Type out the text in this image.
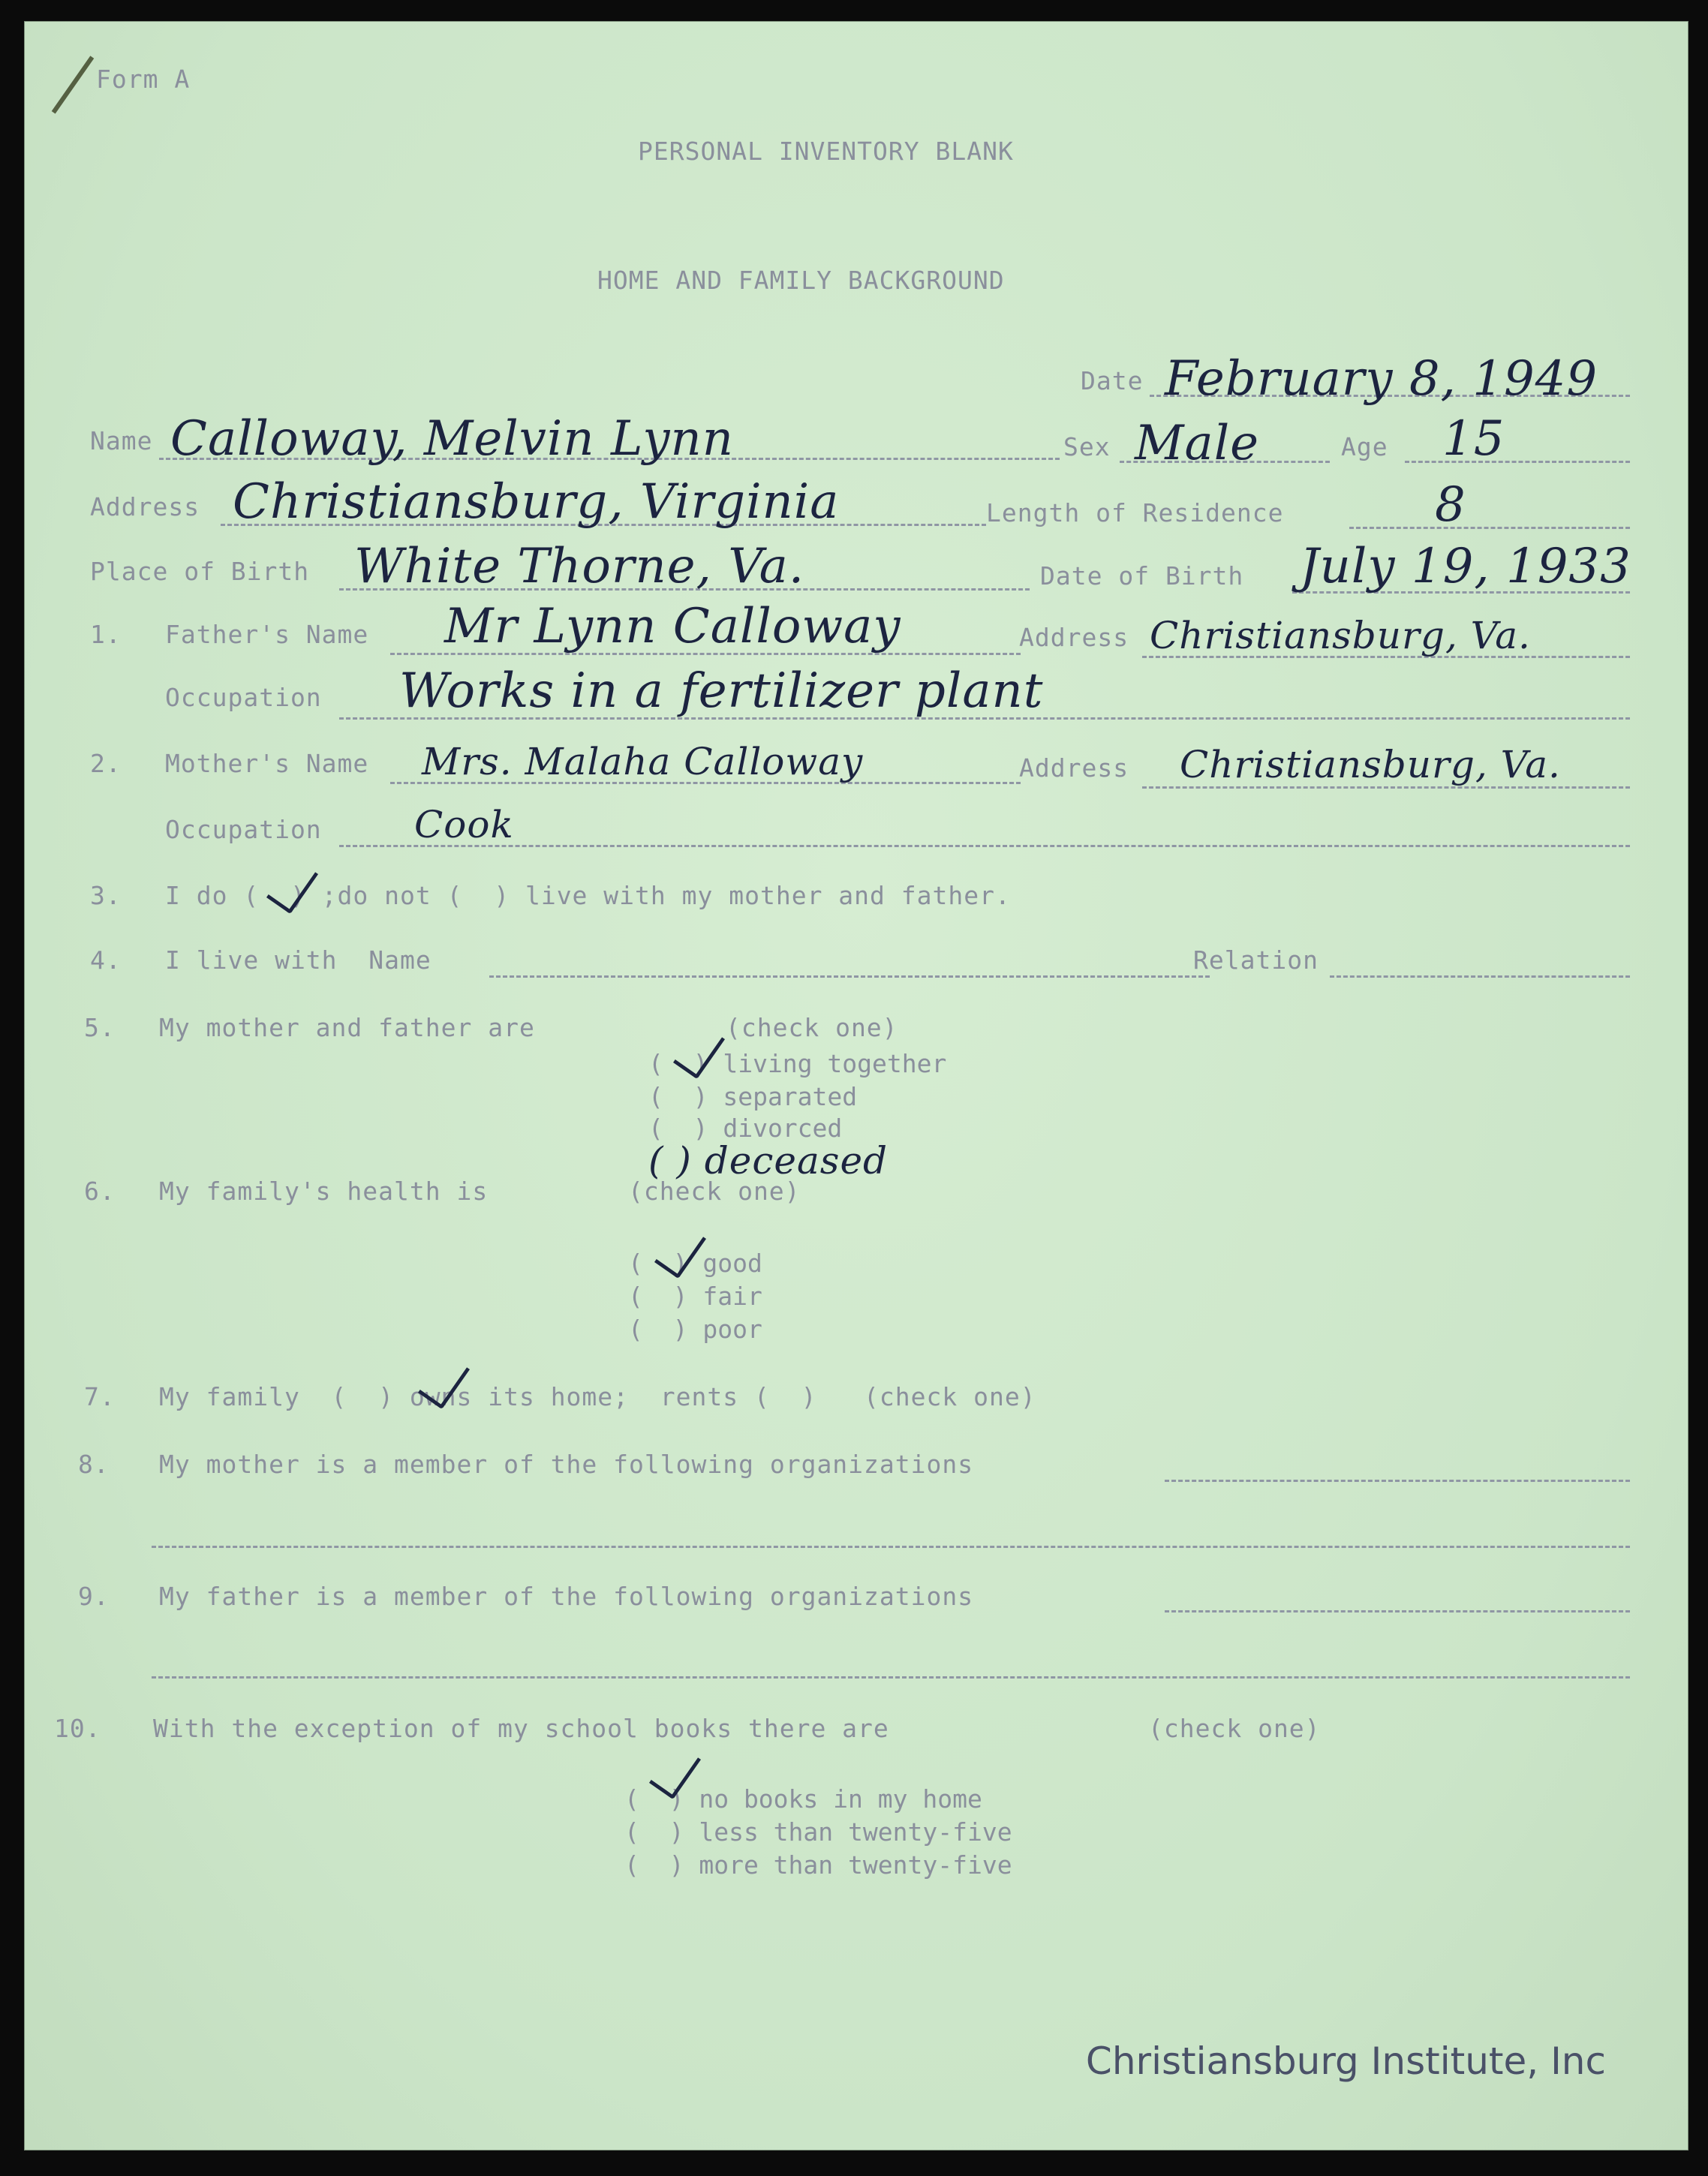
Form A
PERSONAL INVENTORY BLANK
HOME AND FAMILY BACKGROUND
Date February 8, 1949
Name Calloway, Melvin Lynn	Sex Male	Age 15
Address Christiansburg, Virginia	Length of Residence	8
Place of Birth White Thorne, Va.	Date of Birth July 19, 1933
1. Father's Name Mr Lynn Calloway	Address Christiansburg, Va.
Occupation Works in a fertilizer plant
2. Mother's Name Mrs. Malaha Calloway	Address Christiansburg, Va.
Occupation Cook
3. I do (  ) ;do not (  ) live with my mother and father.
4. I live with  Name	Relation
5. My mother and father are	(check one)
(  ) living together
(  ) separated
(  ) divorced
( ) deceased
6. My family's health is	(check one)
(  ) good
(  ) fair
(  ) poor
7. My family  (  ) owns its home;  rents (  )   (check one)
8. My mother is a member of the following organizations
9. My father is a member of the following organizations
10. With the exception of my school books there are	(check one)
(  ) no books in my home
(  ) less than twenty-five
(  ) more than twenty-five
Christiansburg Institute, Inc
